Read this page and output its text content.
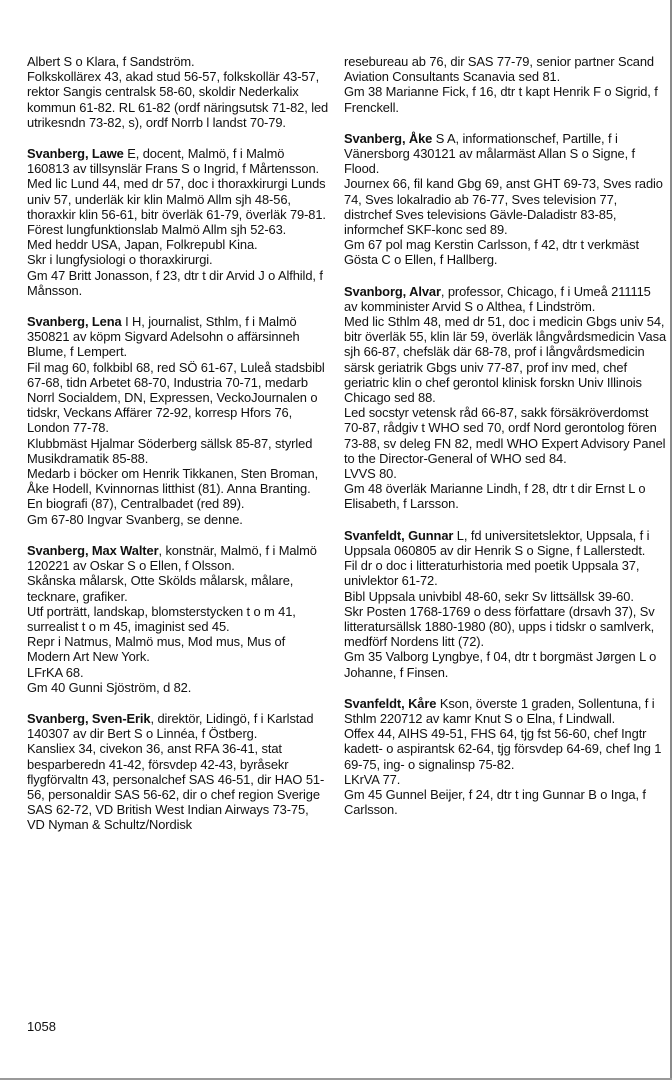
Albert S o Klara, f Sandström.

Folkskollärex 43, akad stud 56-57, folkskollär 43-57, rektor Sangis centralsk 58-60, skoldir Nederkalix kommun 61-82. RL 61-82 (ordf näringsutsk 71-82, led utrikesndn 73-82, s), ordf Norrb l landst 70-79.

Svanberg, Lawe E, docent, Malmö, f i Malmö 160813 av tillsynslär Frans S o Ingrid, f Mårtensson.

Med lic Lund 44, med dr 57, doc i thoraxkirurgi Lunds univ 57, underläk kir klin Malmö Allm sjh 48-56, thoraxkir klin 56-61, bitr överläk 61-79, överläk 79-81.

Förest lungfunktionslab Malmö Allm sjh 52-63.

Med heddr USA, Japan, Folkrepubl Kina.

Skr i lungfysiologi o thoraxkirurgi.

Gm 47 Britt Jonasson, f 23, dtr t dir Arvid J o Alfhild, f Månsson.

Svanberg, Lena I H, journalist, Sthlm, f i Malmö 350821 av köpm Sigvard Adelsohn o affärsinneh Blume, f Lempert.

Fil mag 60, folkbibl 68, red SÖ 61-67, Luleå stadsbibl 67-68, tidn Arbetet 68-70, Industria 70-71, medarb Norrl Socialdem, DN, Expressen, VeckoJournalen o tidskr, Veckans Affärer 72-92, korresp Hfors 76, London 77-78.

Klubbmäst Hjalmar Söderberg sällsk 85-87, styrled Musikdramatik 85-88.

Medarb i böcker om Henrik Tikkanen, Sten Broman, Åke Hodell, Kvinnornas litthist (81). Anna Branting. En biografi (87), Centralbadet (red 89).

Gm 67-80 Ingvar Svanberg, se denne.

Svanberg, Max Walter, konstnär, Malmö, f i Malmö 120221 av Oskar S o Ellen, f Olsson.

Skånska målarsk, Otte Skölds målarsk, målare, tecknare, grafiker.

Utf porträtt, landskap, blomsterstycken t o m 41, surrealist t o m 45, imaginist sed 45.

Repr i Natmus, Malmö mus, Mod mus, Mus of Modern Art New York.

LFrKA 68.

Gm 40 Gunni Sjöström, d 82.

Svanberg, Sven-Erik, direktör, Lidingö, f i Karlstad 140307 av dir Bert S o Linnéa, f Östberg.

Kansliex 34, civekon 36, anst RFA 36-41, stat besparberedn 41-42, försvdep 42-43, byråsekr flygförvaltn 43, personalchef SAS 46-51, dir HAO 51-56, personaldir SAS 56-62, dir o chef region Sverige SAS 62-72, VD British West Indian Airways 73-75, VD Nyman & Schultz/Nordisk

resebureau ab 76, dir SAS 77-79, senior partner Scand Aviation Consultants Scanavia sed 81.

Gm 38 Marianne Fick, f 16, dtr t kapt Henrik F o Sigrid, f Frenckell.

Svanberg, Åke S A, informationschef, Partille, f i Vänersborg 430121 av målarmäst Allan S o Signe, f Flood.

Journex 66, fil kand Gbg 69, anst GHT 69-73, Sves radio 74, Sves lokalradio ab 76-77, Sves television 77, distrchef Sves televisions Gävle-Daladistr 83-85, informchef SKF-konc sed 89.

Gm 67 pol mag Kerstin Carlsson, f 42, dtr t verkmäst Gösta C o Ellen, f Hallberg.

Svanborg, Alvar, professor, Chicago, f i Umeå 211115 av komminister Arvid S o Althea, f Lindström.

Med lic Sthlm 48, med dr 51, doc i medicin Gbgs univ 54, bitr överläk 55, klin lär 59, överläk långvårdsmedicin Vasa sjh 66-87, chefsläk där 68-78, prof i långvårdsmedicin särsk geriatrik Gbgs univ 77-87, prof inv med, chef geriatric klin o chef gerontol klinisk forskn Univ Illinois Chicago sed 88.

Led socstyr vetensk råd 66-87, sakk försäkröverdomst 70-87, rådgiv t WHO sed 70, ordf Nord gerontolog fören 73-88, sv deleg FN 82, medl WHO Expert Advisory Panel to the Director-General of WHO sed 84.

LVVS 80.

Gm 48 överläk Marianne Lindh, f 28, dtr t dir Ernst L o Elisabeth, f Larsson.

Svanfeldt, Gunnar L, fd universitetslektor, Uppsala, f i Uppsala 060805 av dir Henrik S o Signe, f Lallerstedt.

Fil dr o doc i litteraturhistoria med poetik Uppsala 37, univlektor 61-72.

Bibl Uppsala univbibl 48-60, sekr Sv littsällsk 39-60.

Skr Posten 1768-1769 o dess författare (drsavh 37), Sv litteratursällsk 1880-1980 (80), upps i tidskr o samlverk, medförf Nordens litt (72).

Gm 35 Valborg Lyngbye, f 04, dtr t borgmäst Jørgen L o Johanne, f Finsen.

Svanfeldt, Kåre Kson, överste 1 graden, Sollentuna, f i Sthlm 220712 av kamr Knut S o Elna, f Lindwall.

Offex 44, AIHS 49-51, FHS 64, tjg fst 56-60, chef Ingtr kadett- o aspirantsk 62-64, tjg försvdep 64-69, chef Ing 1 69-75, ing- o signalinsp 75-82.

LKrVA 77.

Gm 45 Gunnel Beijer, f 24, dtr t ing Gunnar B o Inga, f Carlsson.

1058
